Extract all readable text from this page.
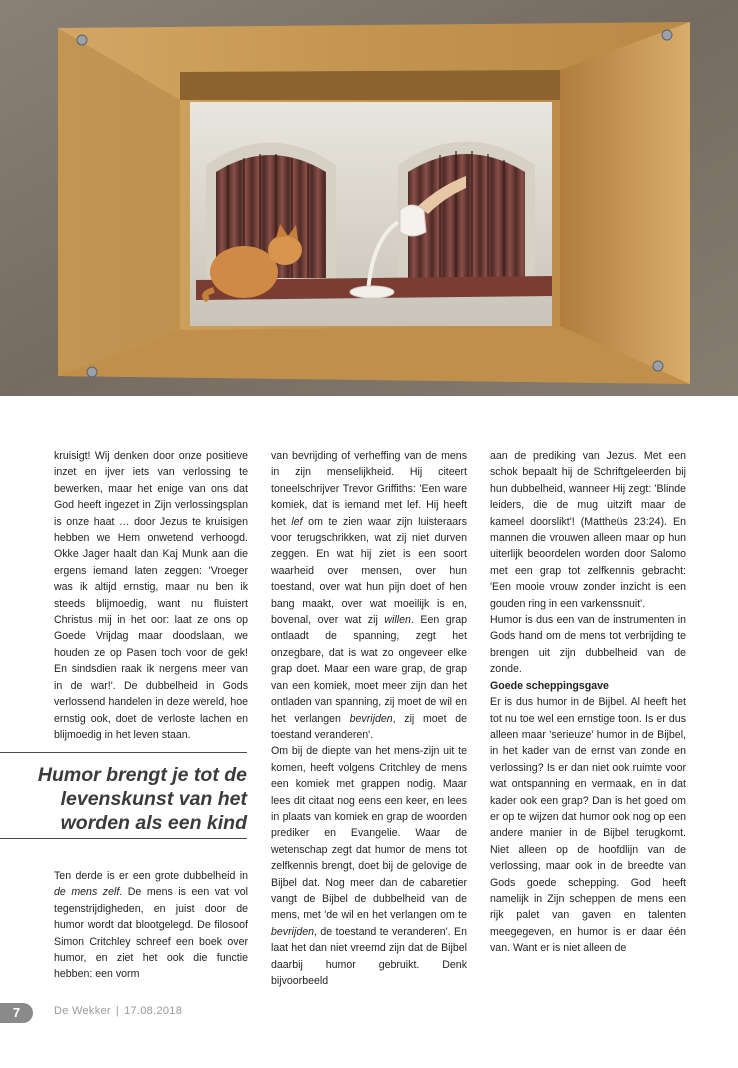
kruisigt! Wij denken door onze positieve inzet en ijver iets van verlossing te bewerken, maar het enige van ons dat God heeft ingezet in Zijn verlossingsplan is onze haat … door Jezus te kruisigen hebben we Hem onwetend verhoogd. Okke Jager haalt dan Kaj Munk aan die ergens iemand laten zeggen: 'Vroeger was ik altijd ernstig, maar nu ben ik steeds blijmoedig, want nu fluistert Christus mij in het oor: laat ze ons op Goede Vrijdag maar doodslaan, we houden ze op Pasen toch voor de gek! En sindsdien raak ik nergens meer van in de war!'. De dubbelheid in Gods verlossend handelen in deze wereld, hoe ernstig ook, doet de verloste lachen en blijmoedig in het leven staan.

Humor brengt je tot de levenskunst van het worden als een kind

Ten derde is er een grote dubbelheid in de mens zelf. De mens is een vat vol tegenstrijdigheden, en juist door de humor wordt dat blootgelegd. De filosoof Simon Critchley schreef een boek over humor, en ziet het ook die functie hebben: een vorm

van bevrijding of verheffing van de mens in zijn menselijkheid. Hij citeert toneelschrijver Trevor Griffiths: 'Een ware komiek, dat is iemand met lef. Hij heeft het lef om te zien waar zijn luisteraars voor terugschrikken, wat zij niet durven zeggen. En wat hij ziet is een soort waarheid over mensen, over hun toestand, over wat hun pijn doet of hen bang maakt, over wat moeilijk is en, bovenal, over wat zij willen. Een grap ontlaadt de spanning, zegt het onzegbare, dat is wat zo ongeveer elke grap doet. Maar een ware grap, de grap van een komiek, moet meer zijn dan het ontladen van spanning, zij moet de wil en het verlangen bevrijden, zij moet de toestand veranderen'.

Om bij de diepte van het mens-zijn uit te komen, heeft volgens Critchley de mens een komiek met grappen nodig. Maar lees dit citaat nog eens een keer, en lees in plaats van komiek en grap de woorden prediker en Evangelie. Waar de wetenschap zegt dat humor de mens tot zelfkennis brengt, doet bij de gelovige de Bijbel dat. Nog meer dan de cabaretier vangt de Bijbel de dubbelheid van de mens, met 'de wil en het verlangen om te bevrijden, de toestand te veranderen'. En laat het dan niet vreemd zijn dat de Bijbel daarbij humor gebruikt. Denk bijvoorbeeld

aan de prediking van Jezus. Met een schok bepaalt hij de Schriftgeleerden bij hun dubbelheid, wanneer Hij zegt: 'Blinde leiders, die de mug uitzift maar de kameel doorslikt'! (Mattheüs 23:24). En mannen die vrouwen alleen maar op hun uiterlijk beoordelen worden door Salomo met een grap tot zelfkennis gebracht: 'Een mooie vrouw zonder inzicht is een gouden ring in een varkenssnuit'.

Humor is dus een van de instrumenten in Gods hand om de mens tot verbrijding te brengen uit zijn dubbelheid van de zonde.

Goede scheppingsgave

Er is dus humor in de Bijbel. Al heeft het tot nu toe wel een ernstige toon. Is er dus alleen maar 'serieuze' humor in de Bijbel, in het kader van de ernst van zonde en verlossing? Is er dan niet ook ruimte voor wat ontspanning en vermaak, en in dat kader ook een grap? Dan is het goed om er op te wijzen dat humor ook nog op een andere manier in de Bijbel terugkomt. Niet alleen op de hoofdlijn van de verlossing, maar ook in de breedte van Gods goede schepping. God heeft namelijk in Zijn scheppen de mens een rijk palet van gaven en talenten meegegeven, en humor is er daar één van. Want er is niet alleen de

7	De Wekker | 17.08.2018
